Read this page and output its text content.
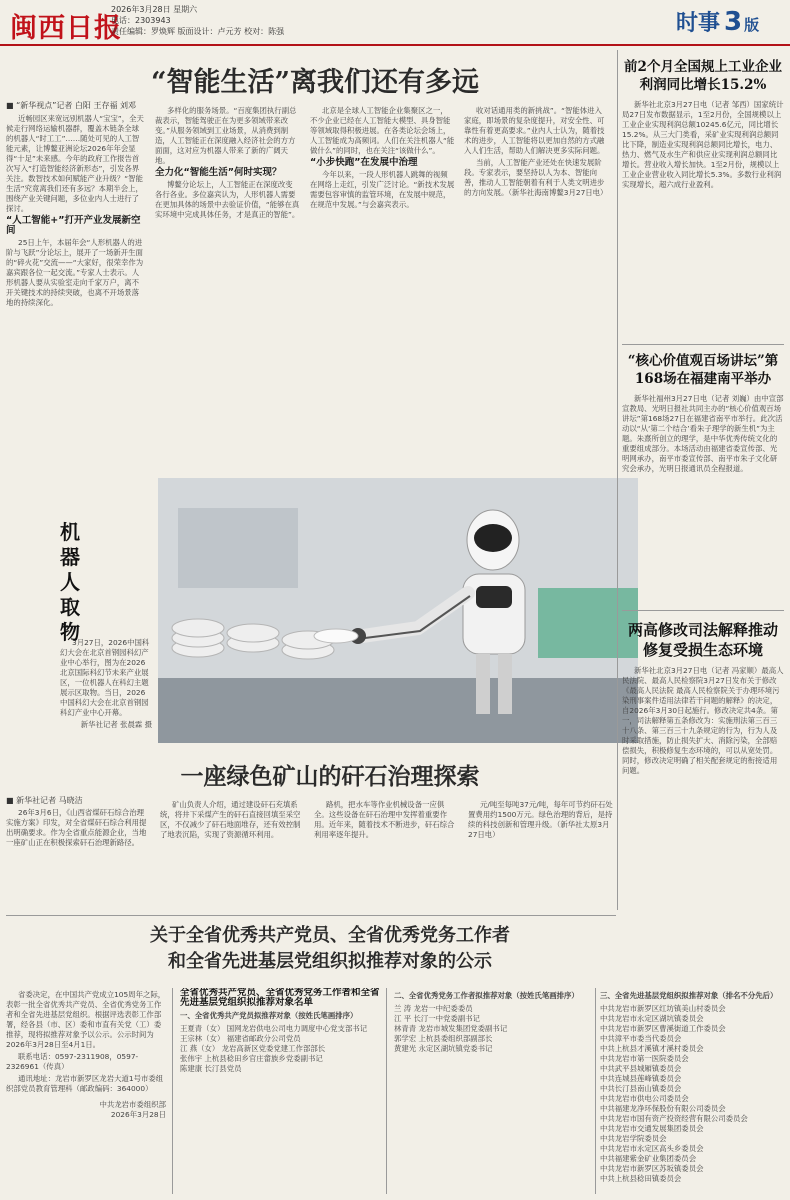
闽西日报
2026年3月28日 星期六
电话：2303943
责任编辑：罗焕辉 版面设计：卢元芳 校对：陈强	时事 3 版
“智能生活”离我们还有多远
■ “新华视点”记者 白阳 王存福 刘邓

近畅园区来宽远别机器人“宝宝”，全天候走行网络运输机器群，覆盖木链条全球的机器人“时工工”……随处可见的人工智能元素，让博鳌亚洲论坛2026年年会显得“十足”未来感。今年的政府工作报告首次写入“打造智能经济新形态”，引发各界关注。数智技术如何赋能产业升级？“智能生活”究竟离我们还有多远？本期半会上，围绕产业关键问题，多位业内人士进行了探讨。

“人工智能+”打开产业发展新空间

25日上午，本届年会“人形机器人的进阶与飞跃”分论坛上，展开了一场新开生面的“碎火花”交流——“大家好，很荣幸作为嘉宾跟各位一起交流。”专家人士表示。人形机器人要从实验室走向千家万户，离不开关键技术的持续突破，也离不开场景落地的持续深化。

多样化的服务场景。“百度集团执行副总裁表示，智能驾驶正在为更多领域带来改变。”从服务领域到工业场景，从消费到制造，人工智能正在深度融入经济社会的方方面面，这对应为机器人带来了新的广阔天地。

全力化“智能生活”何时实现？

博鳌分论坛上，人工智能正在深度改变各行各业。多位嘉宾认为，人形机器人需要在更加具体的场景中去验证价值，“能够在真实环境中完成具体任务，才是真正的智能”。

北京是全球人工智能企业集聚区之一，不少企业已经在人工智能大模型、具身智能等领域取得积极进展。在各类论坛会场上，人工智能成为高频词。人们在关注机器人“能做什么”的同时，也在关注“该做什么”。

“小步快跑”在发展中治理

今年以来，一段人形机器人跳舞的视频在网络上走红，引发广泛讨论。“新技术发展需要包容审慎的监管环境，在发展中规范，在规范中发展。”与会嘉宾表示。

收对话通用类的新挑战”。“智能体进入家庭，即场景的复杂度提升，对安全性、可靠性有着更高要求。”业内人士认为，随着技术的进步，人工智能将以更加自然的方式融入人们生活，帮助人们解决更多实际问题。

当前，人工智能产业还处在快速发展阶段。专家表示，要坚持以人为本、智能向善，推动人工智能朝着有利于人类文明进步的方向发展。（新华社海南博鳌3月27日电）

机器人取物

3月27日，2026中国科幻大会在北京首钢园科幻产业中心举行，图为在2026北京国际科幻节未来产业展区，一位机器人在科幻主题展示区取物。当日，2026中国科幻大会在北京首钢园科幻产业中心开幕。

新华社记者 张晨霖 摄
一座绿色矿山的矸石治理探索
■ 新华社记者 马晓洁

26年3月6日，《山西省煤矸石综合治理实施方案》印发，对全省煤矸石综合利用提出明确要求。作为全省重点能源企业，当地一座矿山正在积极探索矸石治理新路径。

矿山负责人介绍，通过建设矸石充填系统，将井下采煤产生的矸石直接回填至采空区，不仅减少了矸石地面堆存，还有效控制了地表沉陷，实现了资源循环利用。

路机，把水车等作业机械设备一应俱全。这些设备在矸石治理中发挥着重要作用。近年来，随着技术不断进步，矸石综合利用率逐年提升。

元/吨至每吨37元/吨，每年可节约矸石处置费用约1500万元。绿色治理的背后，是持续的科技创新和管理升级。（新华社太原3月27日电）

关于全省优秀共产党员、全省优秀党务工作者
和全省先进基层党组织拟推荐对象的公示

省委决定，在中国共产党成立105周年之际，表彰一批全省优秀共产党员、全省优秀党务工作者和全省先进基层党组织。根据评选表彰工作部署，经各县（市、区）委和市直有关党（工）委推荐，现将拟推荐对象予以公示。公示时间为2026年3月28日至4月1日。

联系电话：0597-2311908，0597-2326961（传真）

通讯地址：龙岩市新罗区龙岩大道1号市委组织部党员教育管理科（邮政编码：364000）

中共龙岩市委组织部
2026年3月28日
全省优秀共产党员、全省优秀党务工作者和全省先进基层党组织拟推荐对象名单
一、全省优秀共产党员拟推荐对象（按姓氏笔画排序）
王夏青（女） 国网龙岩供电公司电力调度中心党支部书记
王宗林（女） 福建省邮政分公司党员
江 燕（女） 龙岩高新区党委党建工作部部长
张伟宇 上杭县稔田乡官庄畲族乡党委副书记
陈建康 长汀县党员
二、全省优秀党务工作者拟推荐对象（按姓氏笔画排序）
兰 涛 龙岩一中纪委委员
江 平 长汀一中党委副书记
林青青 龙岩市城发集团党委副书记
郭学宏 上杭县委组织部副部长
黄建光 永定区湖坑镇党委书记
三、全省先进基层党组织拟推荐对象（排名不分先后）
中共龙岩市新罗区红坊镇美山村委员会
中共龙岩市永定区湖坑镇委员会
中共龙岩市新罗区曹溪街道工作委员会
中共漳平市委当代委员会
中共上杭县才溪镇才溪村委员会
中共龙岩市第一医院委员会
中共武平县城厢镇委员会
中共连城县莲峰镇委员会
中共长汀县南山镇委员会
中共龙岩市供电公司委员会
中共福建龙净环保股份有限公司委员会
中共龙岩市国有资产投资经营有限公司委员会
中共龙岩市交通发展集团委员会
中共龙岩学院委员会
中共龙岩市永定区高头乡委员会
中共福建紫金矿业集团委员会
中共龙岩市新罗区苏坂镇委员会
中共上杭县稔田镇委员会
前2个月全国规上工业企业利润同比增长15.2%

新华社北京3月27日电（记者 邹西）国家统计局27日发布数据显示，1至2月份，全国规模以上工业企业实现利润总额10245.6亿元，同比增长15.2%。从三大门类看，采矿业实现利润总额同比下降，制造业实现利润总额同比增长，电力、热力、燃气及水生产和供应业实现利润总额同比增长。营业收入增长加快。1至2月份，规模以上工业企业营业收入同比增长5.3%。多数行业利润实现增长，超六成行业盈利。

“核心价值观百场讲坛”第168场在福建南平举办

新华社福州3月27日电（记者 刘巍）由中宣部宣教局、光明日报社共同主办的“核心价值观百场讲坛”第168场27日在福建省南平市举行。此次活动以“从‘第二个结合’看朱子理学的新生机”为主题。朱熹所创立的理学，是中华优秀传统文化的重要组成部分。本场活动由福建省委宣传部、光明网承办，南平市委宣传部、南平市朱子文化研究会承办，光明日报通讯员全程报道。

两高修改司法解释推动修复受损生态环境

新华社北京3月27日电（记者 冯家顺）最高人民法院、最高人民检察院3月27日发布关于修改《最高人民法院 最高人民检察院关于办理环境污染刑事案件适用法律若干问题的解释》的决定，自2026年3月30日起施行。修改决定共4条。第一，司法解释第五条修改为：实施刑法第三百三十八条、第三百三十九条规定的行为，行为人及时采取措施，防止损失扩大、消除污染，全部赔偿损失，积极修复生态环境的，可以从宽处罚。同时，修改决定明确了相关配套规定的衔接适用问题。
